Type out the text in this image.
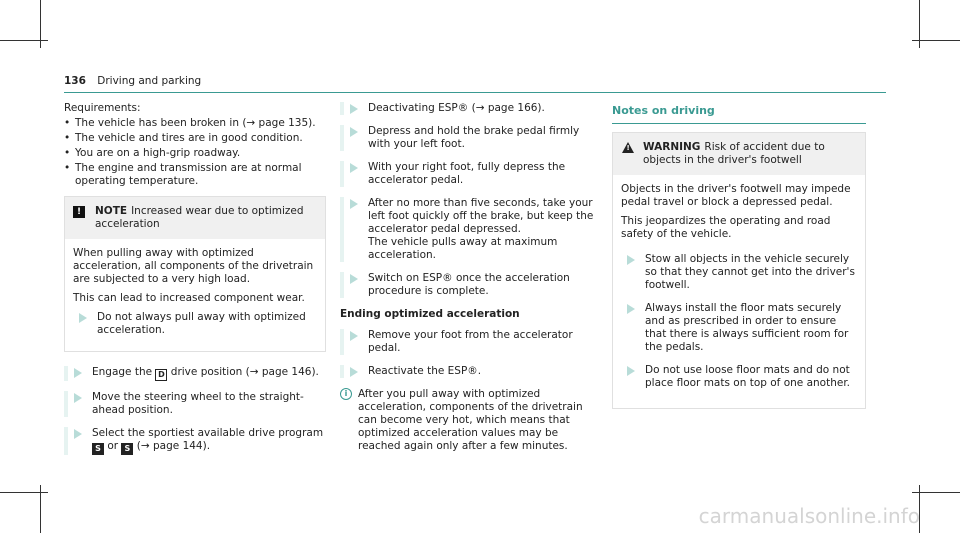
136 Driving and parking

Requirements:

• The vehicle has been broken in (→ page 135).
• The vehicle and tires are in good condition.
• You are on a high-grip roadway.
• The engine and transmission are at normal operating temperature.
!	NOTE Increased wear due to optimized acceleration

When pulling away with optimized acceleration, all components of the drivetrain are subjected to a very high load.

This can lead to increased component wear.

Do not always pull away with optimized acceleration.
Engage the D drive position (→ page 146).
Move the steering wheel to the straight-ahead position.
Select the sportiest available drive program
S or S (→ page 144).
Deactivating ESP® (→ page 166).
Depress and hold the brake pedal firmly with your left foot.
With your right foot, fully depress the accelerator pedal.
After no more than five seconds, take your left foot quickly off the brake, but keep the accelerator pedal depressed.
The vehicle pulls away at maximum acceleration.
Switch on ESP® once the acceleration procedure is complete.
Ending optimized acceleration
Remove your foot from the accelerator pedal.
Reactivate the ESP®.
i	After you pull away with optimized acceleration, components of the drivetrain can become very hot, which means that optimized acceleration values may be reached again only after a few minutes.
Notes on driving
! WARNING Risk of accident due to objects in the driver's footwell

Objects in the driver's footwell may impede pedal travel or block a depressed pedal.

This jeopardizes the operating and road safety of the vehicle.

Stow all objects in the vehicle securely so that they cannot get into the driver's footwell.
Always install the floor mats securely and as prescribed in order to ensure that there is always sufficient room for the pedals.
Do not use loose floor mats and do not place floor mats on top of one another.
carmanualsonline.info
